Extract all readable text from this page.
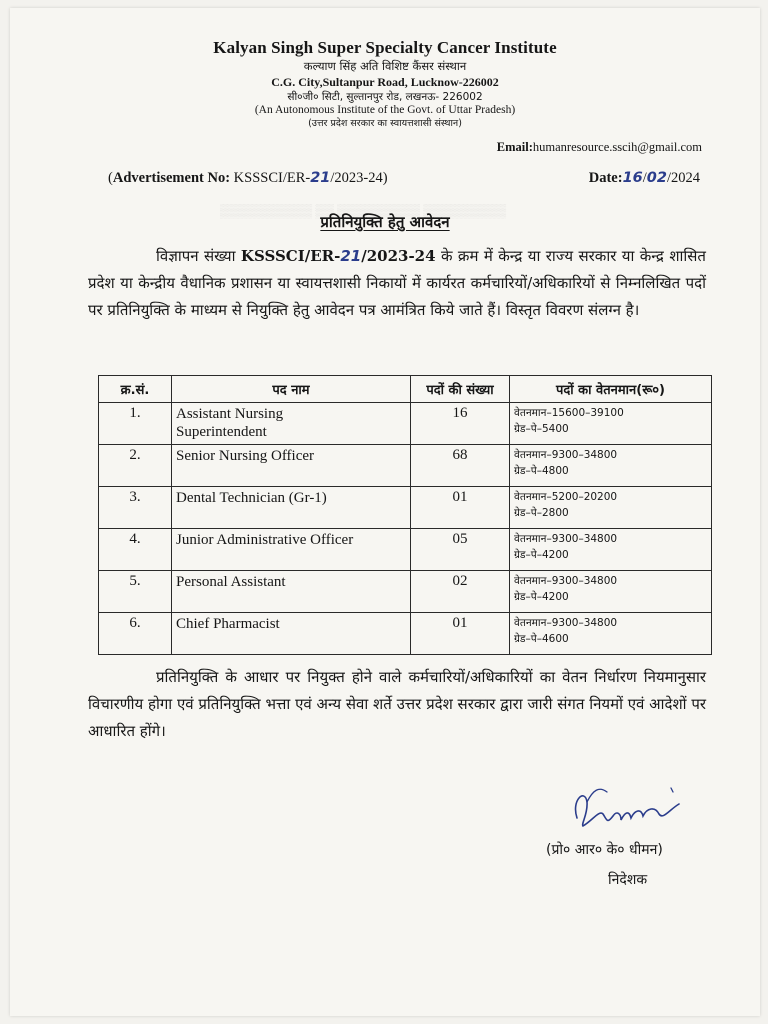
▒▒▒▒▒▒▒▒▒▒ ▒▒ ▒▒▒▒▒▒▒▒▒ ▒▒▒▒▒▒▒▒▒
Kalyan Singh Super Specialty Cancer Institute
कल्याण सिंह अति विशिष्ट कैंसर संस्थान
C.G. City,Sultanpur Road, Lucknow-226002
सी०जी० सिटी, सुल्तानपुर रोड, लखनऊ- 226002
(An Autonomous Institute of the Govt. of Uttar Pradesh)
(उत्तर प्रदेश सरकार का स्वायत्तशासी संस्थान)
Email:humanresource.sscih@gmail.com
(Advertisement No: KSSSCI/ER-21/2023-24)	Date:16/02/2024
प्रतिनियुक्ति हेतु आवेदन
विज्ञापन संख्या KSSSCI/ER-21/2023-24 के क्रम में केन्द्र या राज्य सरकार या केन्द्र शासित प्रदेश या केन्द्रीय वैधानिक प्रशासन या स्वायत्तशासी निकायों में कार्यरत कर्मचारियों/अधिकारियों से निम्नलिखित पदों पर प्रतिनियुक्ति के माध्यम से नियुक्ति हेतु आवेदन पत्र आमंत्रित किये जाते हैं। विस्तृत विवरण संलग्न है।
क्र.सं.	पद नाम	पदों की संख्या	पदों का वेतनमान(रू०)
1.	Assistant Nursing
Superintendent	16	वेतनमान–15600–39100
ग्रेड–पे–5400

2.	Senior Nursing Officer	68	वेतनमान–9300–34800
ग्रेड–पे–4800

3.	Dental Technician (Gr-1)	01	वेतनमान–5200–20200
ग्रेड–पे–2800

4.	Junior Administrative Officer	05	वेतनमान–9300–34800
ग्रेड–पे–4200

5.	Personal Assistant	02	वेतनमान–9300–34800
ग्रेड–पे–4200

6.	Chief Pharmacist	01	वेतनमान–9300–34800
ग्रेड–पे–4600
प्रतिनियुक्ति के आधार पर नियुक्त होने वाले कर्मचारियों/अधिकारियों का वेतन निर्धारण नियमानुसार विचारणीय होगा एवं प्रतिनियुक्ति भत्ता एवं अन्य सेवा शर्ते उत्तर प्रदेश सरकार द्वारा जारी संगत नियमों एवं आदेशों पर आधारित होंगे।
(प्रो० आर० के० धीमन)
निदेशक
